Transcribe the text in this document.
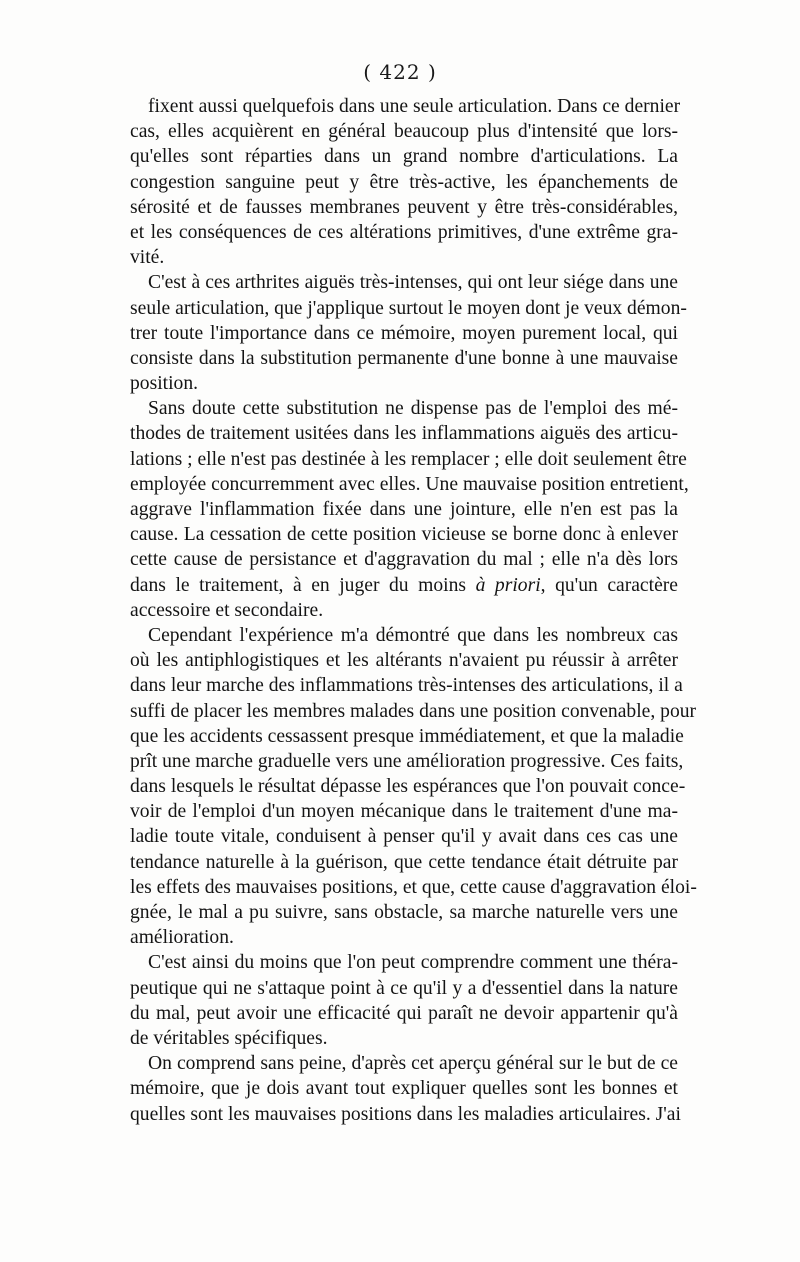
( 422 )
fixent aussi quelquefois dans une seule articulation. Dans ce dernier
cas, elles acquièrent en général beaucoup plus d'intensité que lors-
qu'elles sont réparties dans un grand nombre d'articulations. La
congestion sanguine peut y être très-active, les épanchements de
sérosité et de fausses membranes peuvent y être très-considérables,
et les conséquences de ces altérations primitives, d'une extrême gra-
vité.
C'est à ces arthrites aiguës très-intenses, qui ont leur siége dans une
seule articulation, que j'applique surtout le moyen dont je veux démon-
trer toute l'importance dans ce mémoire, moyen purement local, qui
consiste dans la substitution permanente d'une bonne à une mauvaise
position.
Sans doute cette substitution ne dispense pas de l'emploi des mé-
thodes de traitement usitées dans les inflammations aiguës des articu-
lations ; elle n'est pas destinée à les remplacer ; elle doit seulement être
employée concurremment avec elles. Une mauvaise position entretient,
aggrave l'inflammation fixée dans une jointure, elle n'en est pas la
cause. La cessation de cette position vicieuse se borne donc à enlever
cette cause de persistance et d'aggravation du mal ; elle n'a dès lors
dans le traitement, à en juger du moins à priori, qu'un caractère
accessoire et secondaire.
Cependant l'expérience m'a démontré que dans les nombreux cas
où les antiphlogistiques et les altérants n'avaient pu réussir à arrêter
dans leur marche des inflammations très-intenses des articulations, il a
suffi de placer les membres malades dans une position convenable, pour
que les accidents cessassent presque immédiatement, et que la maladie
prît une marche graduelle vers une amélioration progressive. Ces faits,
dans lesquels le résultat dépasse les espérances que l'on pouvait conce-
voir de l'emploi d'un moyen mécanique dans le traitement d'une ma-
ladie toute vitale, conduisent à penser qu'il y avait dans ces cas une
tendance naturelle à la guérison, que cette tendance était détruite par
les effets des mauvaises positions, et que, cette cause d'aggravation éloi-
gnée, le mal a pu suivre, sans obstacle, sa marche naturelle vers une
amélioration.
C'est ainsi du moins que l'on peut comprendre comment une théra-
peutique qui ne s'attaque point à ce qu'il y a d'essentiel dans la nature
du mal, peut avoir une efficacité qui paraît ne devoir appartenir qu'à
de véritables spécifiques.
On comprend sans peine, d'après cet aperçu général sur le but de ce
mémoire, que je dois avant tout expliquer quelles sont les bonnes et
quelles sont les mauvaises positions dans les maladies articulaires. J'ai
